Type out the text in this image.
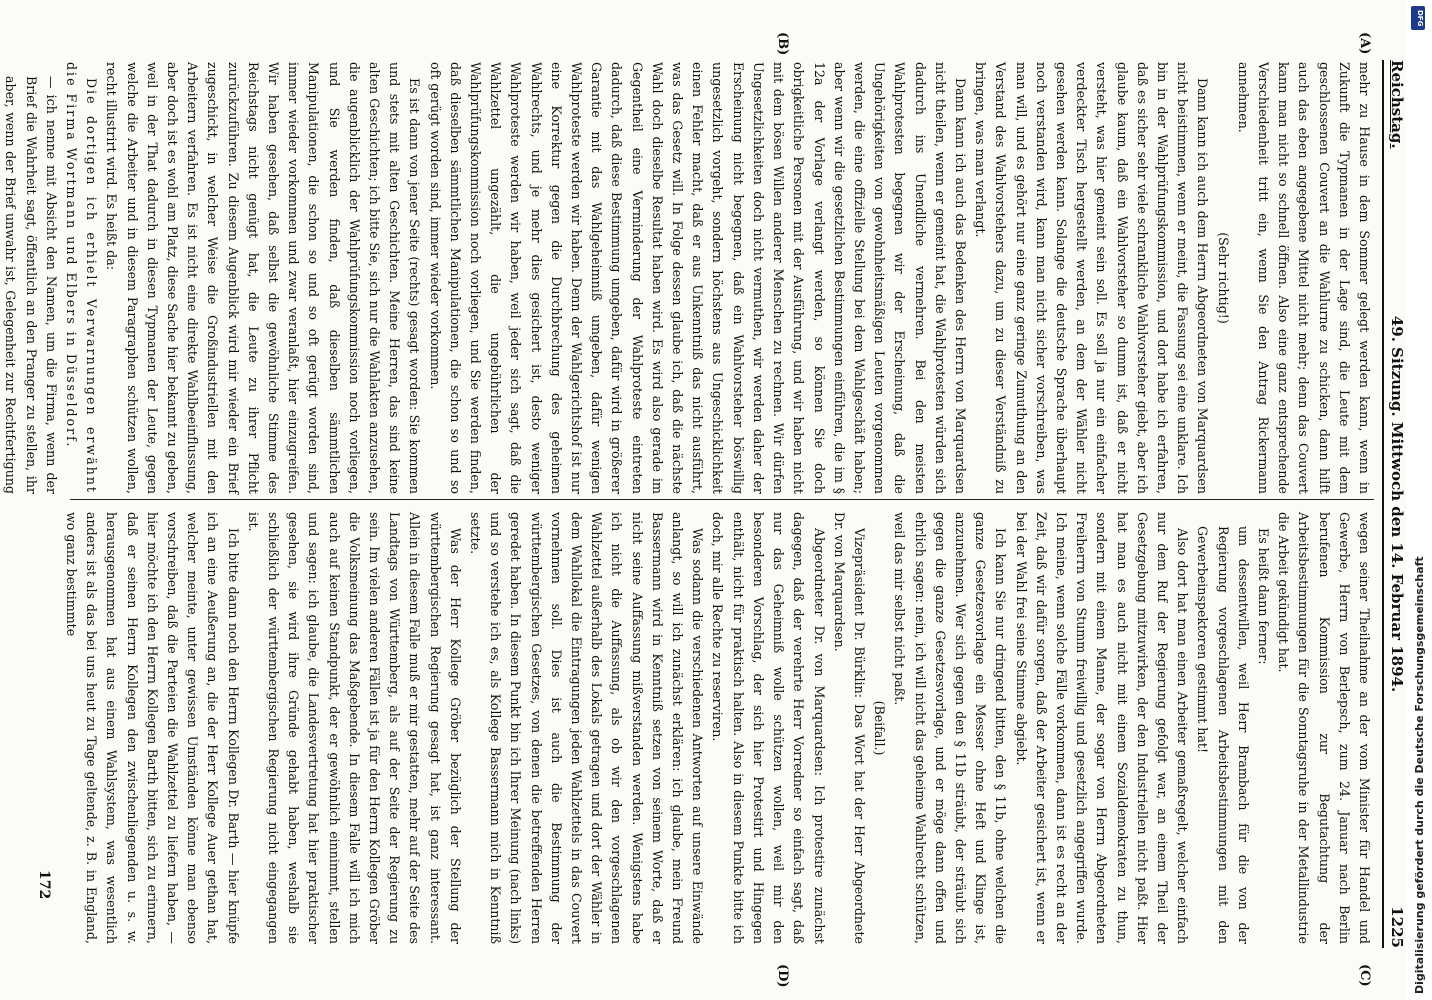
Reichstag.
49. Sitzung. Mittwoch den 14. Februar 1894.
1225
(A)
(B)
(C)
(D)

mehr zu Hause in dem Sommer gelegt werden kann, wenn in Zukunft die Typmanen in der Lage sind, die Leute mit dem geschlossenen Couvert an die Wahlurne zu schicken, dann hilft auch das eben angegebene Mittel nicht mehr; denn das Couvert kann man nicht so schnell öffnen. Also eine ganz entsprechende Verschiedenheit tritt ein, wenn Sie den Antrag Rickermann annehmen.

(Sehr richtig!)

Dann kann ich auch dem Herrn Abgeordneten von Marquardsen nicht beistimmen, wenn er meint, die Fassung sei eine unklare. Ich bin in der Wahlprüfungskommission, und dort habe ich erfahren, daß es sicher sehr viele schrankliche Wahlvorsteher giebt, aber ich glaube kaum, daß ein Wahlvorsteher so dumm ist, daß er nicht versteht, was hier gemeint sein soll. Es soll ja nur ein einfacher verdeckter Tisch hergestellt werden, an dem der Wähler nicht gesehen werden kann. Solange die deutsche Sprache überhaupt noch verstanden wird, kann man nicht sicher vorschreiben, was man will, und es gehört nur eine ganz geringe Zumuthung an den Verstand des Wahlvorstehers dazu, um zu dieser Verständniß zu bringen, was man verlangt.

Dann kann ich auch das Bedenken des Herrn von Marquardsen nicht theilen, wenn er gemeint hat, die Wahlprotesten würden sich dadurch ins Unendliche vermehren. Bei den meisten Wahlprotesten begegnen wir der Erscheinung, daß die Ungehörigkeiten von gewohnheitsmäßigen Leuten vorgenommen werden, die eine offizielle Stellung bei dem Wahlgeschäft haben; aber wenn wir die gesetzlichen Bestimmungen einführen, die im § 12a der Vorlage verlangt werden, so können Sie doch obrigkeitliche Personen mit der Ausführung, und wir haben nicht mit dem bösen Willen anderer Menschen zu rechnen. Wir dürfen Ungesetzlichkeiten doch nicht vermuthen, wir werden daher der Erscheinung nicht begegnen, daß ein Wahlvorsteher böswillig ungesetzlich vorgeht, sondern höchstens aus Ungeschicklichkeit einen Fehler macht, daß er aus Unkenntniß das nicht ausführt, was das Gesetz will. In Folge dessen glaube ich, daß die nächste Wahl doch dieselbe Resultat haben wird. Es wird also gerade im Gegentheil eine Verminderung der Wahlproteste eintreten dadurch, daß diese Bestimmung umgeben, dafür wird in größerer Garantie mit das Wahlgeheimniß umgeben, dafür wenigen Wahlproteste werden wir haben. Denn der Wahlgerichtshof ist nur eine Korrektur gegen die Durchbrechung des geheimen Wahlrechts, und je mehr dies gesichert ist, desto weniger Wahlproteste werden wir haben, weil jeder sich sagt, daß die Wahlzettel ungezählt, die ungebührlichen der Wahlprüfungskommission noch vorliegen, und Sie werden finden, daß dieselben sämmtlichen Manipulationen, die schon so und so oft gerügt worden sind, immer wieder vorkommen.

Es ist dann von jener Seite (rechts) gesagt worden: Sie kommen und stets mit alten Geschichten. Meine Herren, das sind keine alten Geschichten; ich bitte Sie, sich nur die Wahlakten anzusehen, die augenblicklich der Wahlprüfungskommission noch vorliegen, und Sie werden finden, daß dieselben sämmtlichen Manipulationen, die schon so und so oft gerügt worden sind, immer wieder vorkommen und zwar veranlaßt, hier einzugreifen. Wir haben gesehen, daß selbst die gewöhnliche Stimme des Reichstags nicht genügt hat, die Leute zu ihrer Pflicht zurückzuführen. Zu diesem Augenblick wird mir wieder ein Brief zugeschickt, in welcher Weise die Großindustriellen mit den Arbeitern verfahren. Es ist nicht eine direkte Wahlbeeinflussung, aber doch ist es wohl am Platz, diese Sache hier bekannt zu geben, weil in der That dadurch in diesen Typmanen der Leute, gegen welche die Arbeiter und in diesem Paragraphen schützen wollen, recht illustrirt wird. Es heißt da:

Die dortigen ich erhielt Verwarnungen erwähnt die Firma Wortmann und Elbers in Düsseldorf.

— ich nenne mit Absicht den Namen, um die Firma, wenn der Brief die Wahrheit sagt, öffentlich an den Pranger zu stellen, ihr aber, wenn der Brief unwahr ist, Gelegenheit zur Rechtfertigung

wegen seiner Theilnahme an der vom Minister für Handel und Gewerbe, Herrn von Berlepsch, zum 24. Januar nach Berlin berufenen Kommission zur Begutachtung der Arbeitsbestimmungen für die Sonntagsruhe in der Metallindustrie die Arbeit gekündigt hat.

Es heißt dann ferner:

um dessentwillen, weil Herr Brambach für die von der Regierung vorgeschlagenen Arbeitsbestimmungen mit den Gewerbeinspektoren gestimmt hat!

Also dort hat man einen Arbeiter gemaßregelt, welcher einfach nur dem Ruf der Regierung gefolgt war, an einem Theil der Gesetzgebung mitzuwirken, der den Industriellen nicht paßt. Hier hat man es auch nicht mit einem Sozialdemokraten zu thun, sondern mit einem Manne, der sogar von Herrn Abgeordneten Freiherrn von Stumm freiwillig und gesetzlich angegriffen wurde. Ich meine, wenn solche Fälle vorkommen, dann ist es recht an der Zeit, daß wir dafür sorgen, daß der Arbeiter gesichert ist, wenn er bei der Wahl frei seine Stimme abgiebt.

Ich kann Sie nur dringend bitten, den § 11b, ohne welchen die ganze Gesetzesvorlage ein Messer ohne Heft und Klinge ist, anzunehmen. Wer sich gegen den § 11b sträubt, der sträubt sich gegen die ganze Gesetzesvorlage, und er möge dann offen und ehrlich sagen: nein, ich will nicht das geheime Wahlrecht schützen, weil das mir selbst nicht paßt.

(Beifall.)

Vizepräsident Dr. Bürklin: Das Wort hat der Herr Abgeordnete Dr. von Marquardsen.

Abgeordneter Dr. von Marquardsen: Ich protestire zunächst dagegen, daß der verehrte Herr Vorredner so einfach sagt, daß nur das Geheimniß wolle schützen wollen, weil mir den besonderen Vorschlag, der sich hier Protestirt und Hingegen enthält, nicht für praktisch halten. Also in diesem Punkte bitte ich doch, mir alle Rechte zu reserviren.

Was sodann die verschiedenen Antworten auf unsere Einwände anlangt, so will ich zunächst erklären: ich glaube, mein Freund Bassermann wird in Kenntniß setzen von seinem Worte, daß er nicht seine Auffassung mißverstanden werden. Wenigstens habe ich nicht die Auffassung, als ob wir den vorgeschlagenen Wahlzettel außerhalb des Lokals getragen und dort der Wähler in dem Wahllokal die Eintragungen jeden Wahlzettels in das Couvert vornehmen soll. Dies ist auch die Bestimmung der württembergischen Gesetzes, von denen die betreffenden Herren geredet haben. In diesem Punkt bin ich Ihrer Meinung (nach links) und so verstehe ich es, als Kollege Bassermann mich in Kenntniß setzte.

Was der Herr Kollege Gröber bezüglich der Stellung der württembergischen Regierung gesagt hat, ist ganz interessant. Allein in diesem Falle muß er mir gestatten, mehr auf der Seite des Landtags von Württemberg, als auf der Seite der Regierung zu sein. Im vielen anderen Fällen ist ja für den Herrn Kollegen Gröber die Volksmeinung das Maßgebende. In diesem Falle will ich mich auch auf keinen Standpunkt, der er gewöhnlich einnimmt, stellen und sagen: ich glaube, die Landesvertretung hat hier praktischer gesehen, sie wird ihre Gründe gehabt haben, weshalb sie schließlich der württembergischen Regierung nicht eingegangen ist.

Ich bitte dann noch den Herrn Kollegen Dr. Barth — hier knüpfe ich an eine Aeußerung an, die der Herr Kollege Auer gethan hat, welcher meinte, unter gewissen Umständen könne man ebenso vorschreiben, daß die Parteien die Wahlzettel zu liefern haben, — hier möchte ich den Herrn Kollegen Barth bitten, sich zu erinnern, daß er seinen Herrn Kollegen den zwischenliegenden u. s. w. herausgenommen hat aus einem Wahlsystem, was wesentlich anders ist als das bei uns heut zu Tage geltende, z. B. in England, wo ganz bestimmte

172
DFG
Digitalisierung gefördert durch die Deutsche Forschungsgemeinschaft
